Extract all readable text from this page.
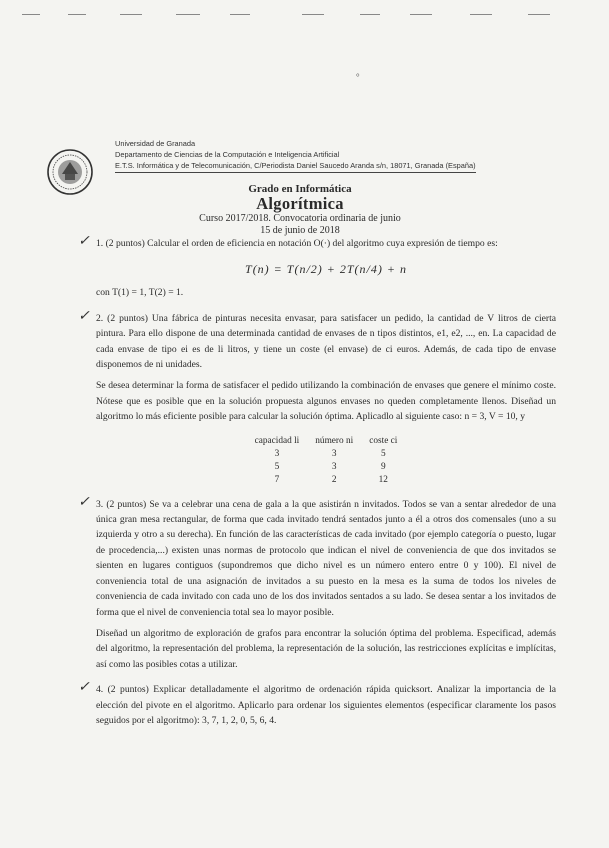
°
Universidad de Granada
Departamento de Ciencias de la Computación e Inteligencia Artificial
E.T.S. Informática y de Telecomunicación, C/Periodista Daniel Saucedo Aranda s/n, 18071, Granada (España)
Grado en Informática
Algorítmica
Curso 2017/2018. Convocatoria ordinaria de junio
15 de junio de 2018
✓ 1. (2 puntos) Calcular el orden de eficiencia en notación O(·) del algoritmo cuya expresión de tiempo es:

T(n) = T(n/2) + 2T(n/4) + n

con T(1) = 1, T(2) = 1.

✓ 2. (2 puntos) Una fábrica de pinturas necesita envasar, para satisfacer un pedido, la cantidad de V litros de cierta pintura. Para ello dispone de una determinada cantidad de envases de n tipos distintos, e1, e2, ..., en. La capacidad de cada envase de tipo ei es de li litros, y tiene un coste (el envase) de ci euros. Además, de cada tipo de envase disponemos de ni unidades.

Se desea determinar la forma de satisfacer el pedido utilizando la combinación de envases que genere el mínimo coste. Nótese que es posible que en la solución propuesta algunos envases no queden completamente llenos. Diseñad un algoritmo lo más eficiente posible para calcular la solución óptima. Aplicadlo al siguiente caso: n = 3, V = 10, y

capacidad li	número ni	coste ci
3	3	5
5	3	9
7	2	12
✓ 3. (2 puntos) Se va a celebrar una cena de gala a la que asistirán n invitados. Todos se van a sentar alrededor de una única gran mesa rectangular, de forma que cada invitado tendrá sentados junto a él a otros dos comensales (uno a su izquierda y otro a su derecha). En función de las características de cada invitado (por ejemplo categoría o puesto, lugar de procedencia,...) existen unas normas de protocolo que indican el nivel de conveniencia de que dos invitados se sienten en lugares contiguos (supondremos que dicho nivel es un número entero entre 0 y 100). El nivel de conveniencia total de una asignación de invitados a su puesto en la mesa es la suma de todos los niveles de conveniencia de cada invitado con cada uno de los dos invitados sentados a su lado. Se desea sentar a los invitados de forma que el nivel de conveniencia total sea lo mayor posible.

Diseñad un algoritmo de exploración de grafos para encontrar la solución óptima del problema. Especificad, además del algoritmo, la representación del problema, la representación de la solución, las restricciones explícitas e implícitas, así como las posibles cotas a utilizar.

✓ 4. (2 puntos) Explicar detalladamente el algoritmo de ordenación rápida quicksort. Analizar la importancia de la elección del pivote en el algoritmo. Aplicarlo para ordenar los siguientes elementos (especificar claramente los pasos seguidos por el algoritmo): 3, 7, 1, 2, 0, 5, 6, 4.
